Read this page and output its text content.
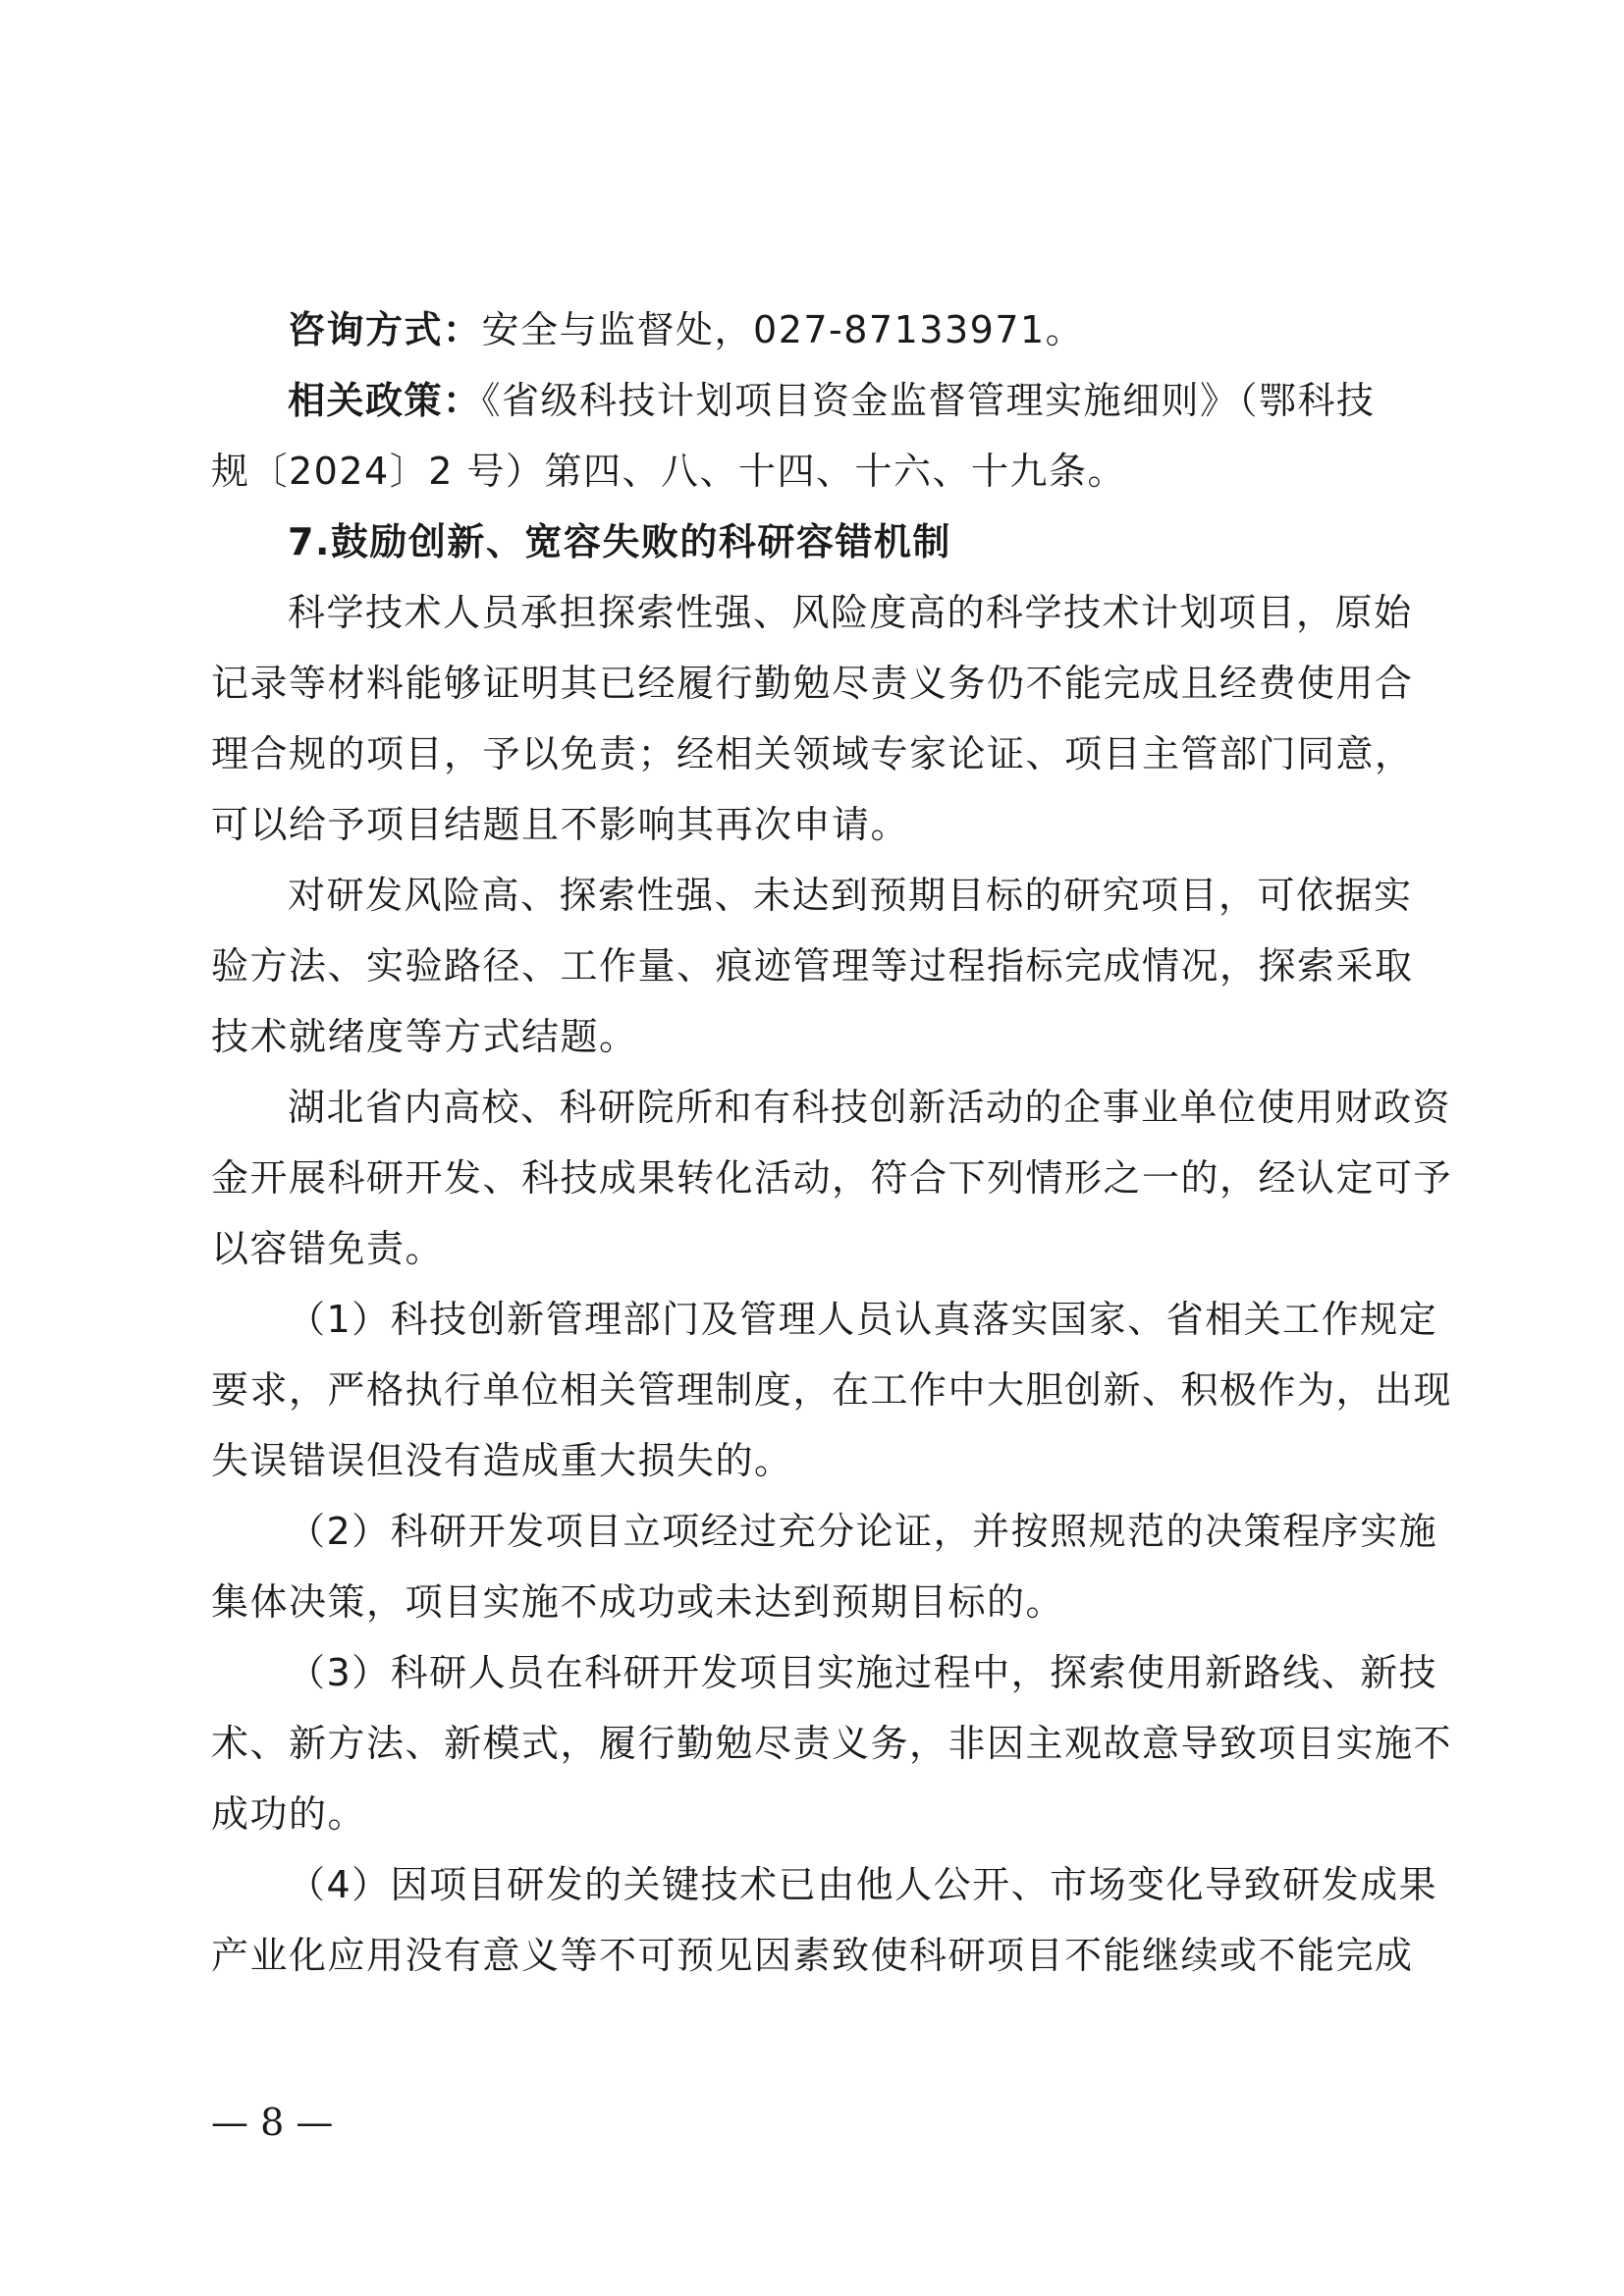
咨询方式：安全与监督处，027-87133971。
相关政策：《省级科技计划项目资金监督管理实施细则》（鄂科技
规〔2024〕2 号）第四、八、十四、十六、十九条。
7.鼓励创新、宽容失败的科研容错机制
科学技术人员承担探索性强、风险度高的科学技术计划项目，原始
记录等材料能够证明其已经履行勤勉尽责义务仍不能完成且经费使用合
理合规的项目，予以免责；经相关领域专家论证、项目主管部门同意，
可以给予项目结题且不影响其再次申请。
对研发风险高、探索性强、未达到预期目标的研究项目，可依据实
验方法、实验路径、工作量、痕迹管理等过程指标完成情况，探索采取
技术就绪度等方式结题。
湖北省内高校、科研院所和有科技创新活动的企事业单位使用财政资
金开展科研开发、科技成果转化活动，符合下列情形之一的，经认定可予
以容错免责。
（1）科技创新管理部门及管理人员认真落实国家、省相关工作规定
要求，严格执行单位相关管理制度，在工作中大胆创新、积极作为，出现
失误错误但没有造成重大损失的。
（2）科研开发项目立项经过充分论证，并按照规范的决策程序实施
集体决策，项目实施不成功或未达到预期目标的。
（3）科研人员在科研开发项目实施过程中，探索使用新路线、新技
术、新方法、新模式，履行勤勉尽责义务，非因主观故意导致项目实施不
成功的。
（4）因项目研发的关键技术已由他人公开、市场变化导致研发成果
产业化应用没有意义等不可预见因素致使科研项目不能继续或不能完成
— 8 —
